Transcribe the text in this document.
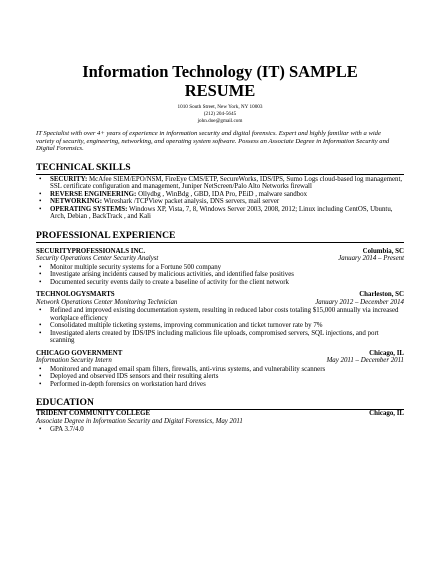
Information Technology (IT) SAMPLE
RESUME
1010 South Street, New York, NY 10003
(212) 204-5645
john.doe@gmail.com
IT Specialist with over 4+ years of experience in information security and digital forensics. Expert and highly familiar with a wide variety of security, engineering, networking, and operating system software. Possess an Associate Degree in Information Security and Digital Forensics.
TECHNICAL SKILLS
• SECURITY: McAfee SIEM/EPO/NSM, FireEye CMS/ETP, SecureWorks, IDS/IPS, Sumo Logs cloud-based log management, SSL certificate configuration and management, Juniper NetScreen/Palo Alto Networks firewall
• REVERSE ENGINEERING: Ollydbg , WinBdg , GBD, IDA Pro, PEiD , malware sandbox
• NETWORKING: Wireshark /TCPView packet analysis, DNS servers, mail server
• OPERATING SYSTEMS: Windows XP, Vista, 7, 8, Windows Server 2003, 2008, 2012; Linux including CentOS, Ubuntu, Arch, Debian , BackTrack , and Kali
PROFESSIONAL EXPERIENCE
SECURITYPROFESSIONALS INC.	Columbia, SC
Security Operations Center Security Analyst	January 2014 – Present
• Monitor multiple security systems for a Fortune 500 company
• Investigate arising incidents caused by malicious activities, and identified false positives
• Documented security events daily to create a baseline of activity for the client network
TECHNOLOGYSMARTS	Charleston, SC
Network Operations Center Monitoring Technician	January 2012 – December 2014
• Refined and improved existing documentation system, resulting in reduced labor costs totaling $15,000 annually via increased workplace efficiency
• Consolidated multiple ticketing systems, improving communication and ticket turnover rate by 7%
• Investigated alerts created by IDS/IPS including malicious file uploads, compromised servers, SQL injections, and port scanning
CHICAGO GOVERNMENT	Chicago, IL
Information Security Intern	May 2011 – December 2011
• Monitored and managed email spam filters, firewalls, anti-virus systems, and vulnerability scanners
• Deployed and observed IDS sensors and their resulting alerts
• Performed in-depth forensics on workstation hard drives
EDUCATION
TRIDENT COMMUNITY COLLEGE	Chicago, IL
Associate Degree in Information Security and Digital Forensics, May 2011
• GPA 3.7/4.0
